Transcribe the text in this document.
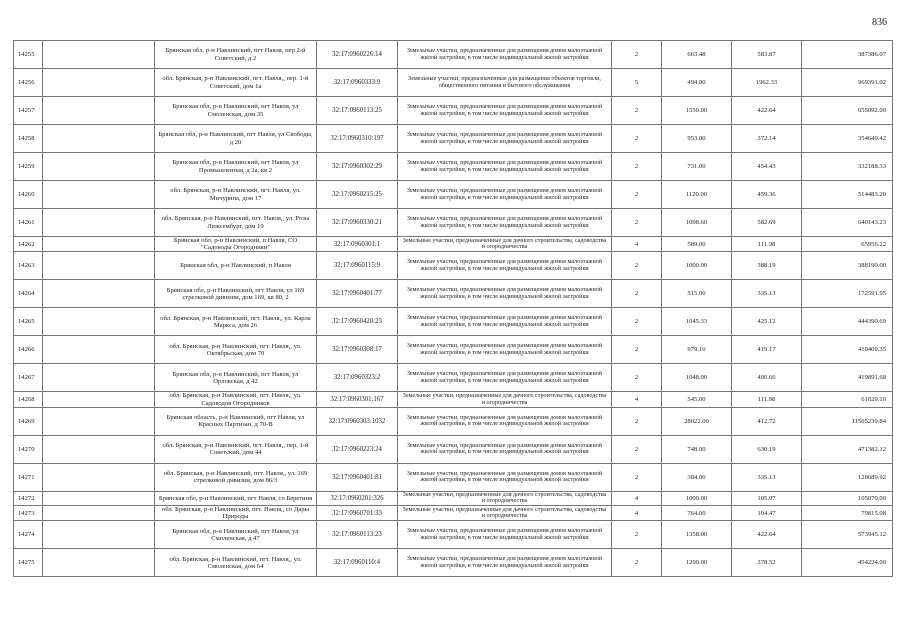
836
14255		Брянская обл, р-н Навлинский, пгт Навля, пер 2-й Советский, д 2	32:17:0960226:14	Земельные участки, предназначенные для размещения домов малоэтажной жилой застройки, в том числе индивидуальной жилой застройки	2	663.48	583.87	387386.07
14256		обл. Брянская, р-н Навлинский, пгт. Навля,, пер. 1-й Советский, дом 1а	32:17:0960333:9	Земельные участки, предназначенные для размещения объектов торговли, общественного питания и бытового обслуживания	5	494.00	1962.33	969391.02
14257		Брянская обл, р-н Навлинский, пгт Навля, ул Смоленская, дом 35	32:17:0960113:25	Земельные участки, предназначенные для размещения домов малоэтажной жилой застройки, в том числе индивидуальной жилой застройки	2	1550.00	422.64	655092.00
14258		Брянская обл, р-н Навлинский, пгт Навля, ул Свободы, д 20	32:17:0960310:197	Земельные участки, предназначенные для размещения домов малоэтажной жилой застройки, в том числе индивидуальной жилой застройки	2	953.00	372.14	354649.42
14259		Брянская обл, р-н Навлинский, пгт Навля, ул Промышленная, д 2а, кв 2	32:17:0960302:29	Земельные участки, предназначенные для размещения домов малоэтажной жилой застройки, в том числе индивидуальной жилой застройки	2	731.00	454.43	332188.33
14260		обл. Брянская, р-н Навлинский, пгт. Навля, ул. Мичурина, дом 17	32:17:0960215:25	Земельные участки, предназначенные для размещения домов малоэтажной жилой застройки, в том числе индивидуальной жилой застройки	2	1120.00	459.36	514483.20
14261		обл. Брянская, р-н Навлинский, пгт. Навля,, ул. Розы Люксембург, дом 19	32:17:0960330:21	Земельные участки, предназначенные для размещения домов малоэтажной жилой застройки, в том числе индивидуальной жилой застройки	2	1098.60	582.69	640143.23
14262		Брянская обл, р-н Навлинский, п Навля, СО "Садоводы Огородники"	32:17:0960301:1	Земельные участки, предназначенные для дачного строительства, садоводства и огородничества	4	589.00	111.98	65956.22
14263		Брянская обл, р-н Навлинский, п Навля	32:17:0960115:9	Земельные участки, предназначенные для размещения домов малоэтажной жилой застройки, в том числе индивидуальной жилой застройки	2	1000.00	388.19	388190.00
14264		Брянская обл, р-н Навлинский, пгт Навля, ул 169 стрелковой дивизии, дом 169, кв 80, 2	32:17:0960401:77	Земельные участки, предназначенные для размещения домов малоэтажной жилой застройки, в том числе индивидуальной жилой застройки	2	515.00	335.13	172591.95
14265		обл. Брянская, р-н Навлинский, пгт. Навля,, ул. Карла Маркса, дом 26	32:17:0960420:23	Земельные участки, предназначенные для размещения домов малоэтажной жилой застройки, в том числе индивидуальной жилой застройки	2	1045.33	425.12	444390.69
14266		обл. Брянская, р-н Навлинский, пгт. Навля,, ул. Октябрьская, дом 70	32:17:0960308:17	Земельные участки, предназначенные для размещения домов малоэтажной жилой застройки, в том числе индивидуальной жилой застройки	2	979.10	419.17	410409.35
14267		Брянская обл, р-н Навлинский, пгт Навля, ул Орловская, д 42	32:17:0960323:2	Земельные участки, предназначенные для размещения домов малоэтажной жилой застройки, в том числе индивидуальной жилой застройки	2	1048.00	400.66	419891.68
14268		обл. Брянская, р-н Навлинский, пгт. Навля,, ул. Садоводов Огородников	32:17:0960301:167	Земельные участки, предназначенные для дачного строительства, садоводства и огородничества	4	545.00	111.98	61029.10
14269		Брянская область, р-н Навлинский, пгт Навля, ул Красных Партизан, д 70-В	32:17:0960303:1032	Земельные участки, предназначенные для размещения домов малоэтажной жилой застройки, в том числе индивидуальной жилой застройки	2	28022.00	412.72	11565239.84
14270		обл. Брянская, р-н Навлинский, пгт. Навля,, пер. 1-й Советский, дом 44	32:17:0960223:24	Земельные участки, предназначенные для размещения домов малоэтажной жилой застройки, в том числе индивидуальной жилой застройки	2	748.00	630.19	471382.12
14271		обл. Брянская, р-н Навлинский, пгт. Навля,, ул. 169 стрелковой дивизии, дом 86/3	32:17:0960401:81	Земельные участки, предназначенные для размещения домов малоэтажной жилой застройки, в том числе индивидуальной жилой застройки	2	384.00	335.13	128689.92
14272		Брянская обл, р-н Навлинский, пгт Навля, со Берегиня	32:17:0960201:326	Земельные участки, предназначенные для дачного строительства, садоводства и огородничества	4	1000.00	105.07	105070.00
14273		обл. Брянская, р-н Навлинский, пгт. Навля,, со Дары Природы	32:17:0960701:33	Земельные участки, предназначенные для дачного строительства, садоводства и огородничества	4	764.00	104.47	79815.08
14274		Брянская обл, р-н Навлинский, пгт Навля, ул Смоленская, д 47	32:17:0960113:23	Земельные участки, предназначенные для размещения домов малоэтажной жилой застройки, в том числе индивидуальной жилой застройки	2	1358.00	422.64	573945.12
14275		обл. Брянская, р-н Навлинский, пгт. Навля,, ул. Смоленская, дом 64	32:17:0960110:4	Земельные участки, предназначенные для размещения домов малоэтажной жилой застройки, в том числе индивидуальной жилой застройки	2	1200.00	378.52	454224.00
